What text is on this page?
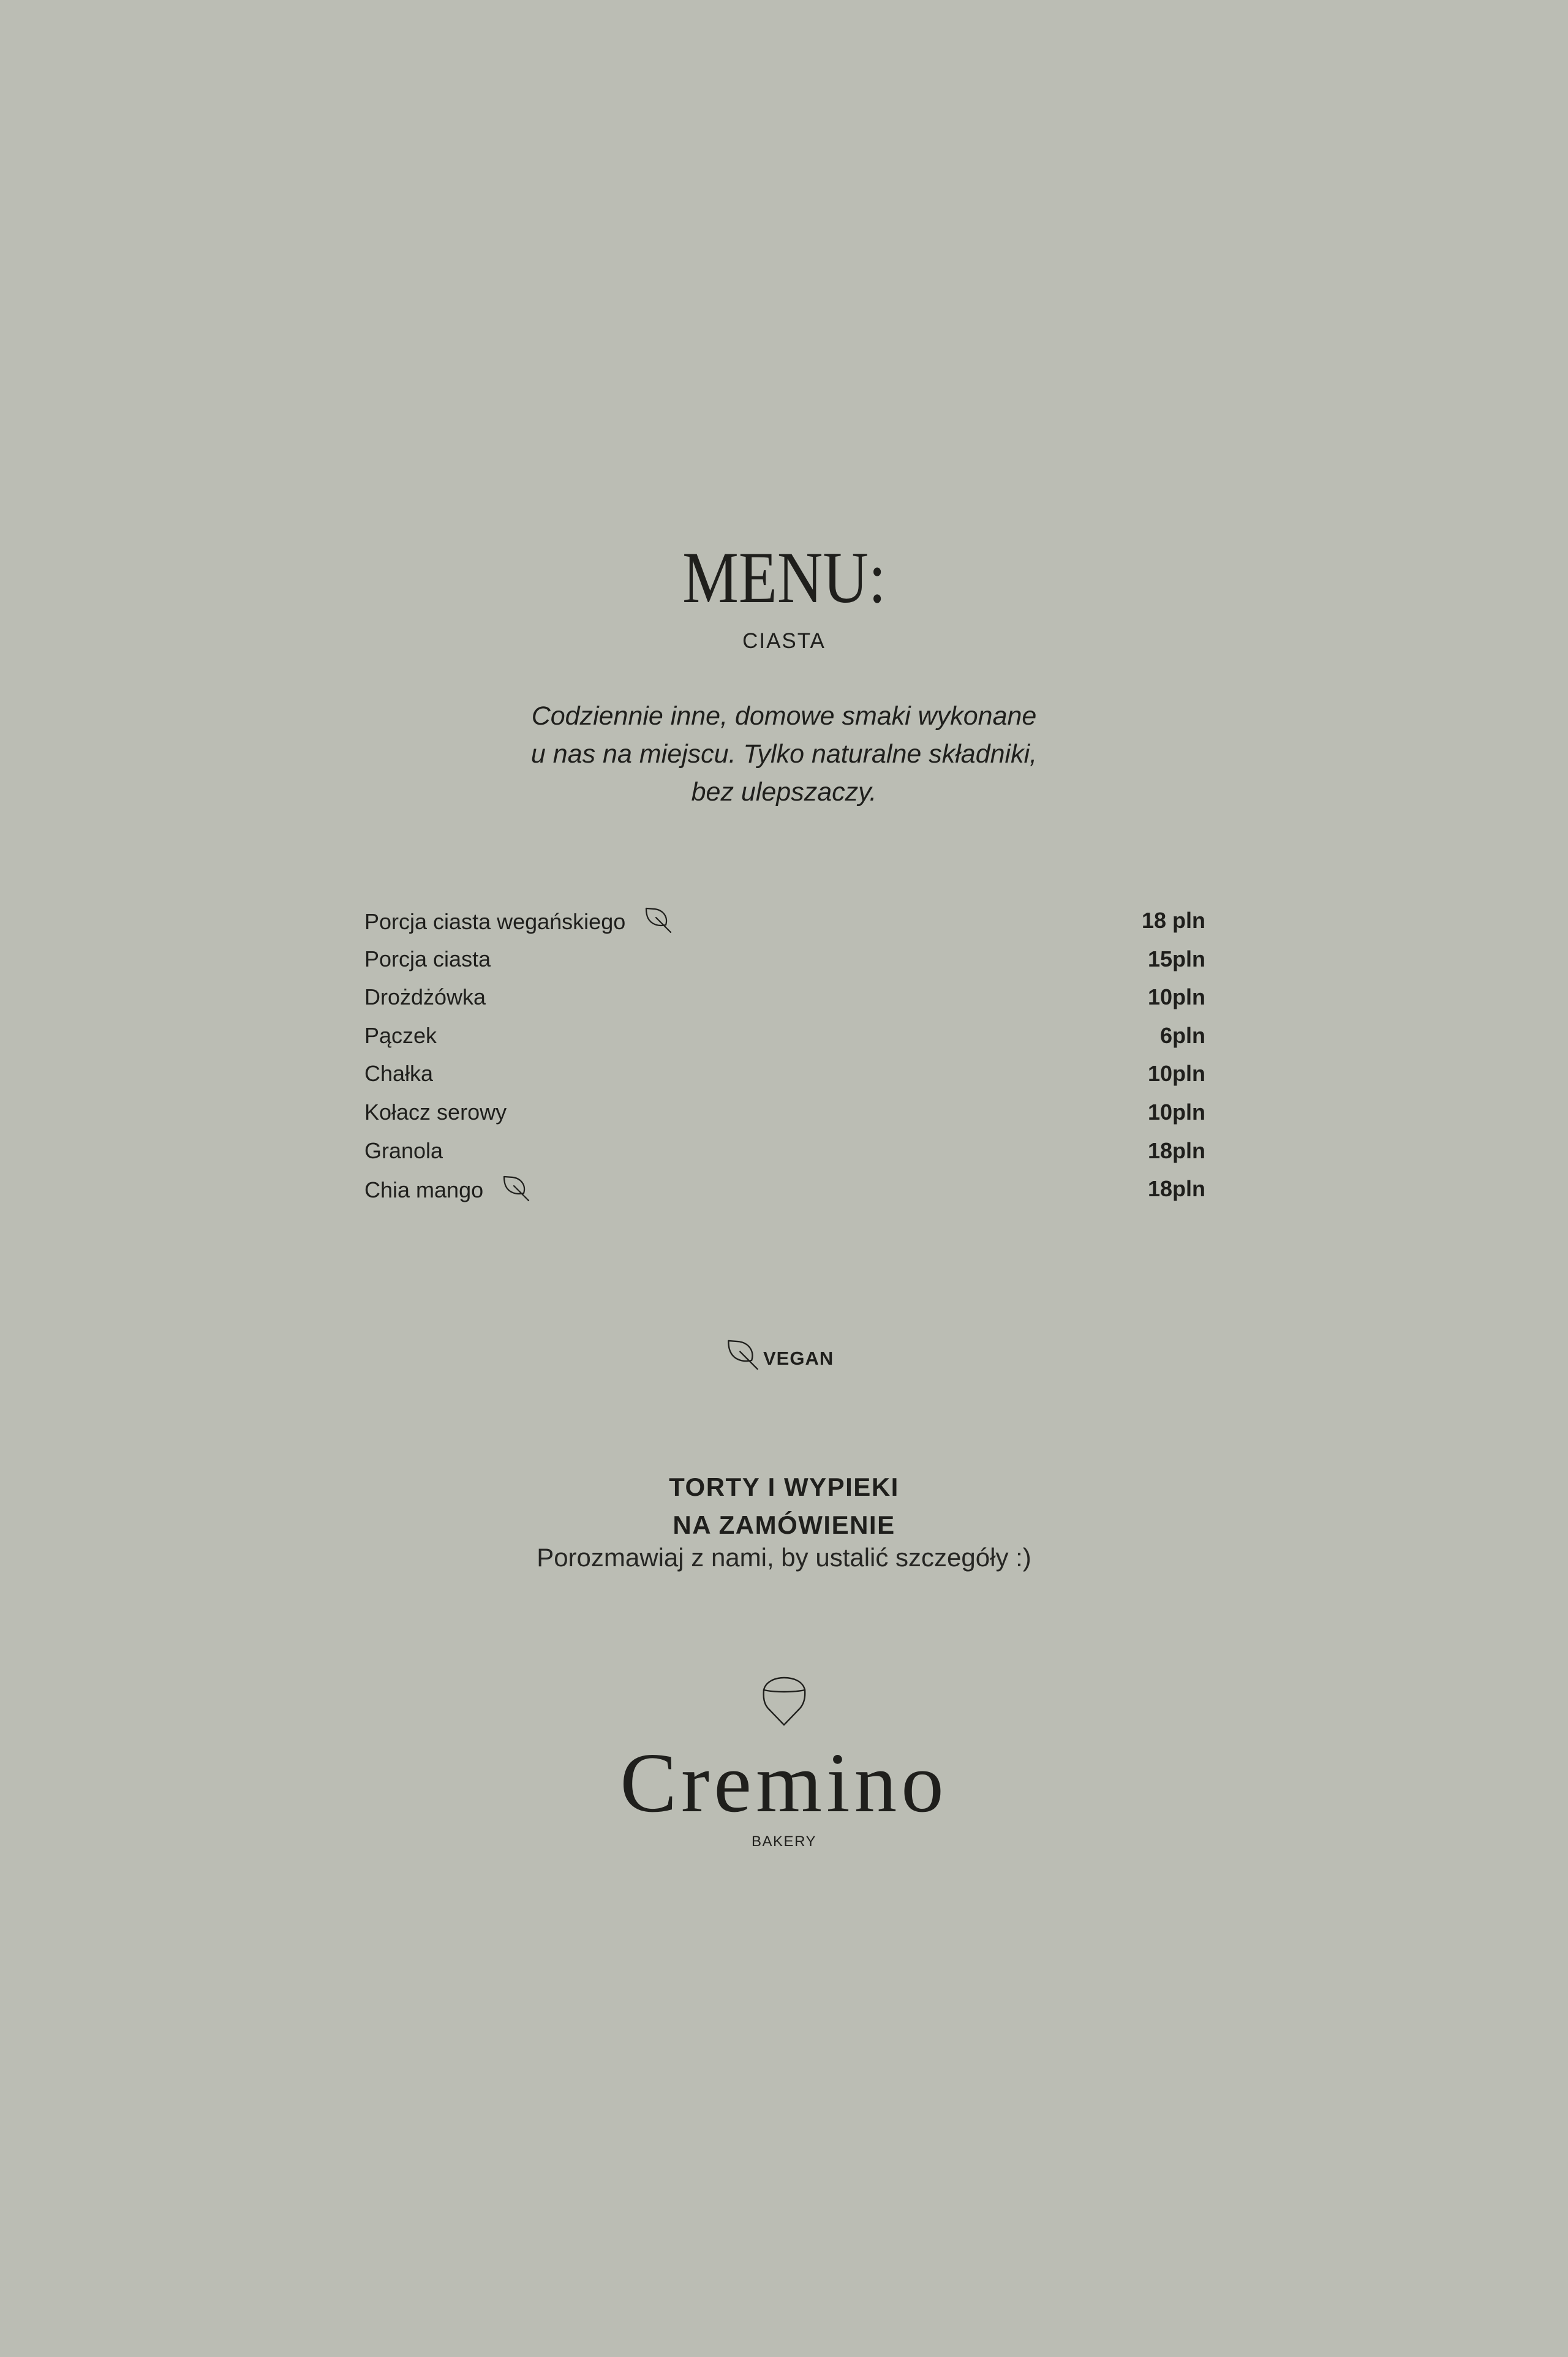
MENU:
CIASTA
Codziennie inne, domowe smaki wykonane
u nas na miejscu. Tylko naturalne składniki,
bez ulepszaczy.
Porcja ciasta wegańskiego	18 pln
Porcja ciasta	15pln
Drożdżówka	10pln
Pączek	6pln
Chałka	10pln
Kołacz serowy	10pln
Granola	18pln
Chia mango	18pln
VEGAN
TORTY I WYPIEKI
NA ZAMÓWIENIE
Porozmawiaj z nami, by ustalić szczegóły :)
Cremino
BAKERY
